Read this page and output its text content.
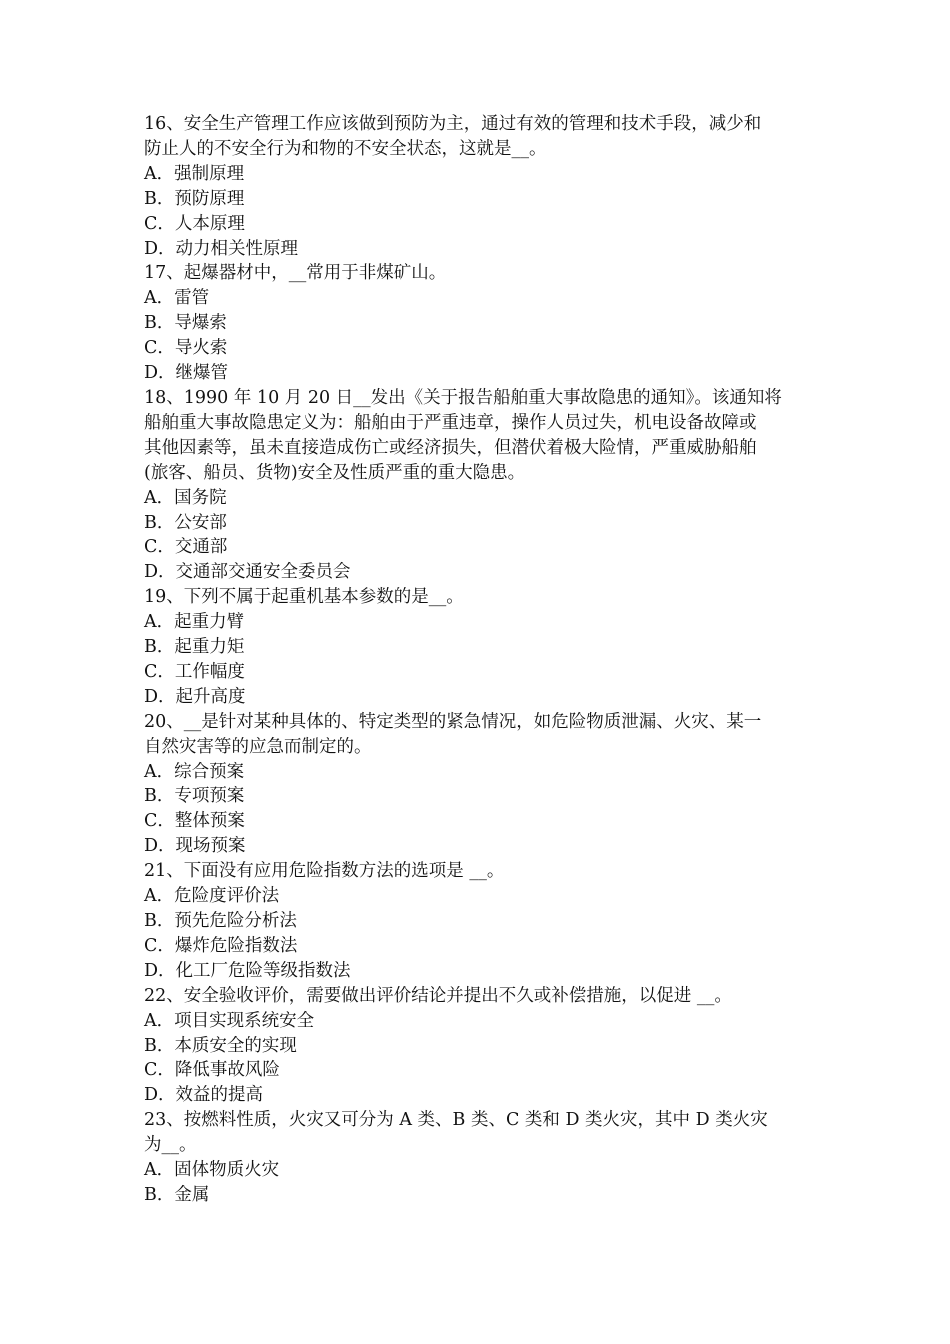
16、安全生产管理工作应该做到预防为主，通过有效的管理和技术手段，减少和
防止人的不安全行为和物的不安全状态，这就是__。
A．强制原理
B．预防原理
C．人本原理
D．动力相关性原理
17、起爆器材中，__常用于非煤矿山。
A．雷管
B．导爆索
C．导火索
D．继爆管
18、1990 年 10 月 20 日__发出《关于报告船舶重大事故隐患的通知》。该通知将
船舶重大事故隐患定义为：船舶由于严重违章，操作人员过失，机电设备故障或
其他因素等，虽未直接造成伤亡或经济损失，但潜伏着极大险情，严重威胁船舶
(旅客、船员、货物)安全及性质严重的重大隐患。
A．国务院
B．公安部
C．交通部
D．交通部交通安全委员会
19、下列不属于起重机基本参数的是__。
A．起重力臂
B．起重力矩
C．工作幅度
D．起升高度
20、__是针对某种具体的、特定类型的紧急情况，如危险物质泄漏、火灾、某一
自然灾害等的应急而制定的。
A．综合预案
B．专项预案
C．整体预案
D．现场预案
21、下面没有应用危险指数方法的选项是 __。
A．危险度评价法
B．预先危险分析法
C．爆炸危险指数法
D．化工厂危险等级指数法
22、安全验收评价，需要做出评价结论并提出不久或补偿措施，以促进 __。
A．项目实现系统安全
B．本质安全的实现
C．降低事故风险
D．效益的提高
23、按燃料性质，火灾又可分为 A 类、B 类、C 类和 D 类火灾，其中 D 类火灾
为__。
A．固体物质火灾
B．金属
